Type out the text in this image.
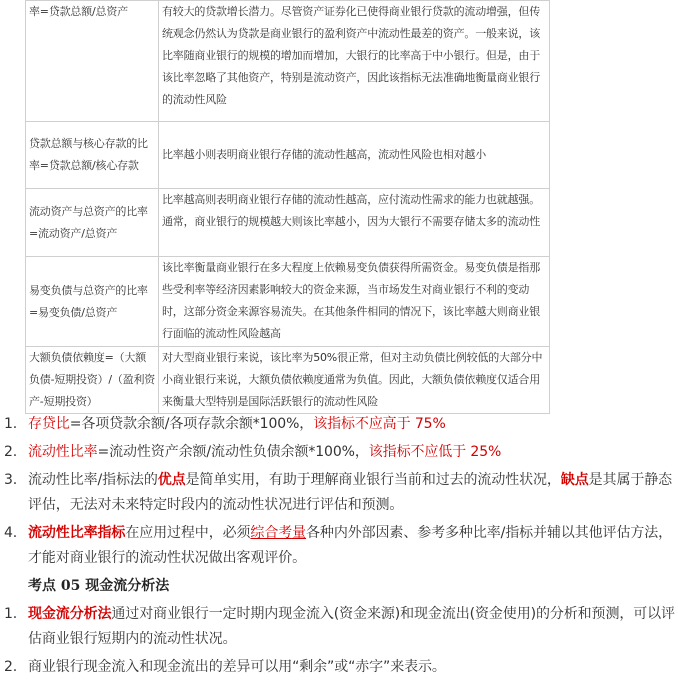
率=贷款总额/总资产	有较大的贷款增长潜力。尽管资产证券化已使得商业银行贷款的流动增强，但传统观念仍然认为贷款是商业银行的盈利资产中流动性最差的资产。一般来说，该比率随商业银行的规模的增加而增加，大银行的比率高于中小银行。但是，由于该比率忽略了其他资产，特别是流动资产，因此该指标无法准确地衡量商业银行的流动性风险
贷款总额与核心存款的比率=贷款总额/核心存款	比率越小则表明商业银行存储的流动性越高，流动性风险也相对越小
流动资产与总资产的比率=流动资产/总资产	比率越高则表明商业银行存储的流动性越高，应付流动性需求的能力也就越强。通常，商业银行的规模越大则该比率越小，因为大银行不需要存储太多的流动性
易变负债与总资产的比率=易变负债/总资产	该比率衡量商业银行在多大程度上依赖易变负债获得所需资金。易变负债是指那些受利率等经济因素影响较大的资金来源，当市场发生对商业银行不利的变动时，这部分资金来源容易流失。在其他条件相同的情况下，该比率越大则商业银行面临的流动性风险越高
大额负债依赖度=（大额负债-短期投资）/（盈利资产-短期投资）	对大型商业银行来说，该比率为50%很正常，但对主动负债比例较低的大部分中小商业银行来说，大额负债依赖度通常为负值。因此，大额负债依赖度仅适合用来衡量大型特别是国际活跃银行的流动性风险
1. 存贷比=各项贷款余额/各项存款余额*100%，该指标不应高于 75%
2. 流动性比率=流动性资产余额/流动性负债余额*100%，该指标不应低于 25%
3. 流动性比率/指标法的优点是简单实用，有助于理解商业银行当前和过去的流动性状况，缺点是其属于静态评估，无法对未来特定时段内的流动性状况进行评估和预测。
4. 流动性比率指标在应用过程中，必须综合考量各种内外部因素、参考多种比率/指标并辅以其他评估方法，才能对商业银行的流动性状况做出客观评价。
考点 05 现金流分析法
1. 现金流分析法通过对商业银行一定时期内现金流入(资金来源)和现金流出(资金使用)的分析和预测，可以评估商业银行短期内的流动性状况。
2. 商业银行现金流入和现金流出的差异可以用“剩余”或“赤字”来表示。
